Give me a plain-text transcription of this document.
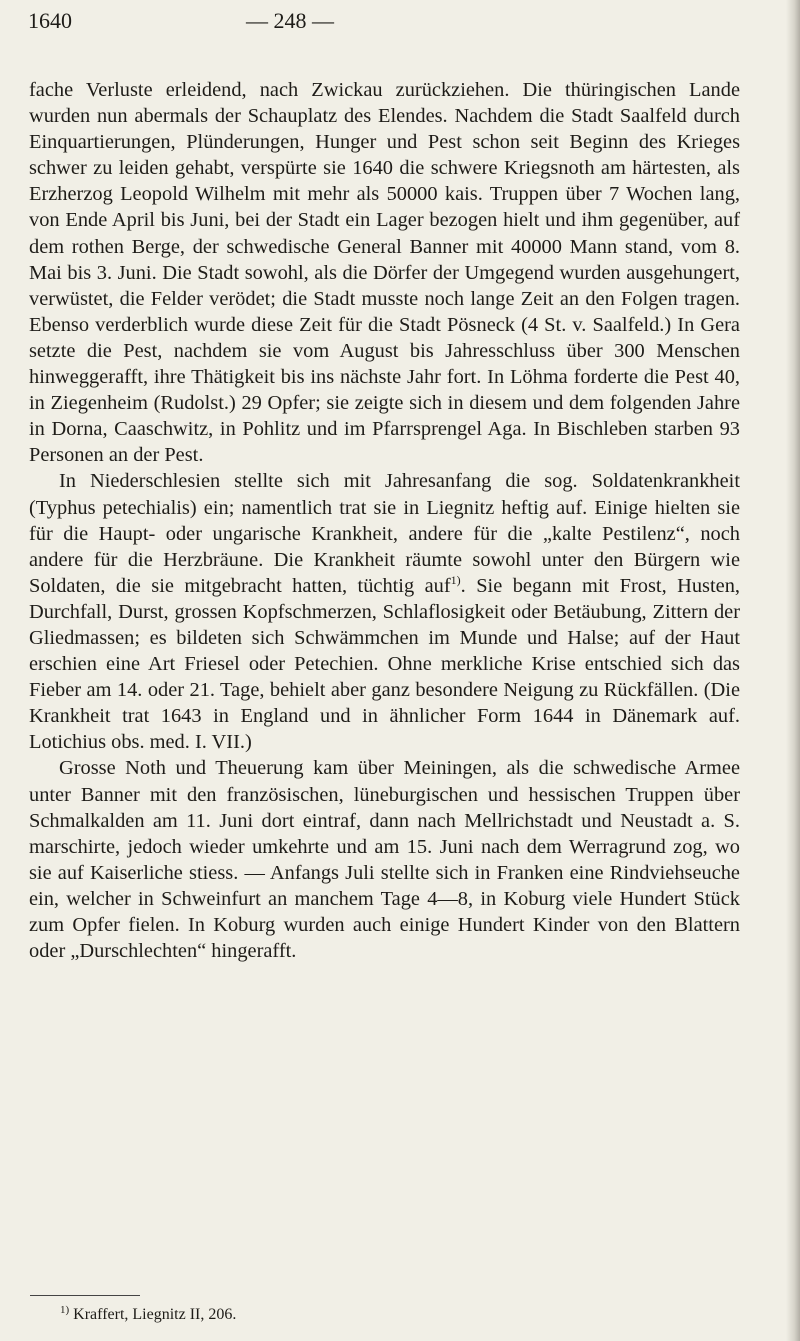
1640	— 248 —

fache Verluste erleidend, nach Zwickau zurückziehen. Die thüringischen Lande wurden nun abermals der Schauplatz des Elendes. Nachdem die Stadt Saalfeld durch Einquartierungen, Plünderungen, Hunger und Pest schon seit Beginn des Krieges schwer zu leiden gehabt, verspürte sie 1640 die schwere Kriegsnoth am härtesten, als Erzherzog Leopold Wilhelm mit mehr als 50000 kais. Truppen über 7 Wochen lang, von Ende April bis Juni, bei der Stadt ein Lager bezogen hielt und ihm gegenüber, auf dem rothen Berge, der schwedische General Banner mit 40000 Mann stand, vom 8. Mai bis 3. Juni. Die Stadt sowohl, als die Dörfer der Umgegend wurden ausgehungert, verwüstet, die Felder verödet; die Stadt musste noch lange Zeit an den Folgen tragen. Ebenso verderblich wurde diese Zeit für die Stadt Pösneck (4 St. v. Saalfeld.) In Gera setzte die Pest, nachdem sie vom August bis Jahresschluss über 300 Menschen hinweggerafft, ihre Thätigkeit bis ins nächste Jahr fort. In Löhma forderte die Pest 40, in Ziegenheim (Rudolst.) 29 Opfer; sie zeigte sich in diesem und dem folgenden Jahre in Dorna, Caaschwitz, in Pohlitz und im Pfarrsprengel Aga. In Bischleben starben 93 Personen an der Pest.

In Niederschlesien stellte sich mit Jahresanfang die sog. Soldatenkrankheit (Typhus petechialis) ein; namentlich trat sie in Liegnitz heftig auf. Einige hielten sie für die Haupt- oder ungarische Krankheit, andere für die „kalte Pestilenz“, noch andere für die Herzbräune. Die Krankheit räumte sowohl unter den Bürgern wie Soldaten, die sie mitgebracht hatten, tüchtig auf$^{1)}$. Sie begann mit Frost, Husten, Durchfall, Durst, grossen Kopfschmerzen, Schlaflosigkeit oder Betäubung, Zittern der Gliedmassen; es bildeten sich Schwämmchen im Munde und Halse; auf der Haut erschien eine Art Friesel oder Petechien. Ohne merkliche Krise entschied sich das Fieber am 14. oder 21. Tage, behielt aber ganz besondere Neigung zu Rückfällen. (Die Krankheit trat 1643 in England und in ähnlicher Form 1644 in Dänemark auf. Lotichius obs. med. I. VII.)

Grosse Noth und Theuerung kam über Meiningen, als die schwedische Armee unter Banner mit den französischen, lüneburgischen und hessischen Truppen über Schmalkalden am 11. Juni dort eintraf, dann nach Mellrichstadt und Neustadt a. S. marschirte, jedoch wieder umkehrte und am 15. Juni nach dem Werragrund zog, wo sie auf Kaiserliche stiess. — Anfangs Juli stellte sich in Franken eine Rindviehseuche ein, welcher in Schweinfurt an manchem Tage 4—8, in Koburg viele Hundert Stück zum Opfer fielen. In Koburg wurden auch einige Hundert Kinder von den Blattern oder „Durschlechten“ hingerafft.

$^{1)}$ Kraffert, Liegnitz II, 206.
